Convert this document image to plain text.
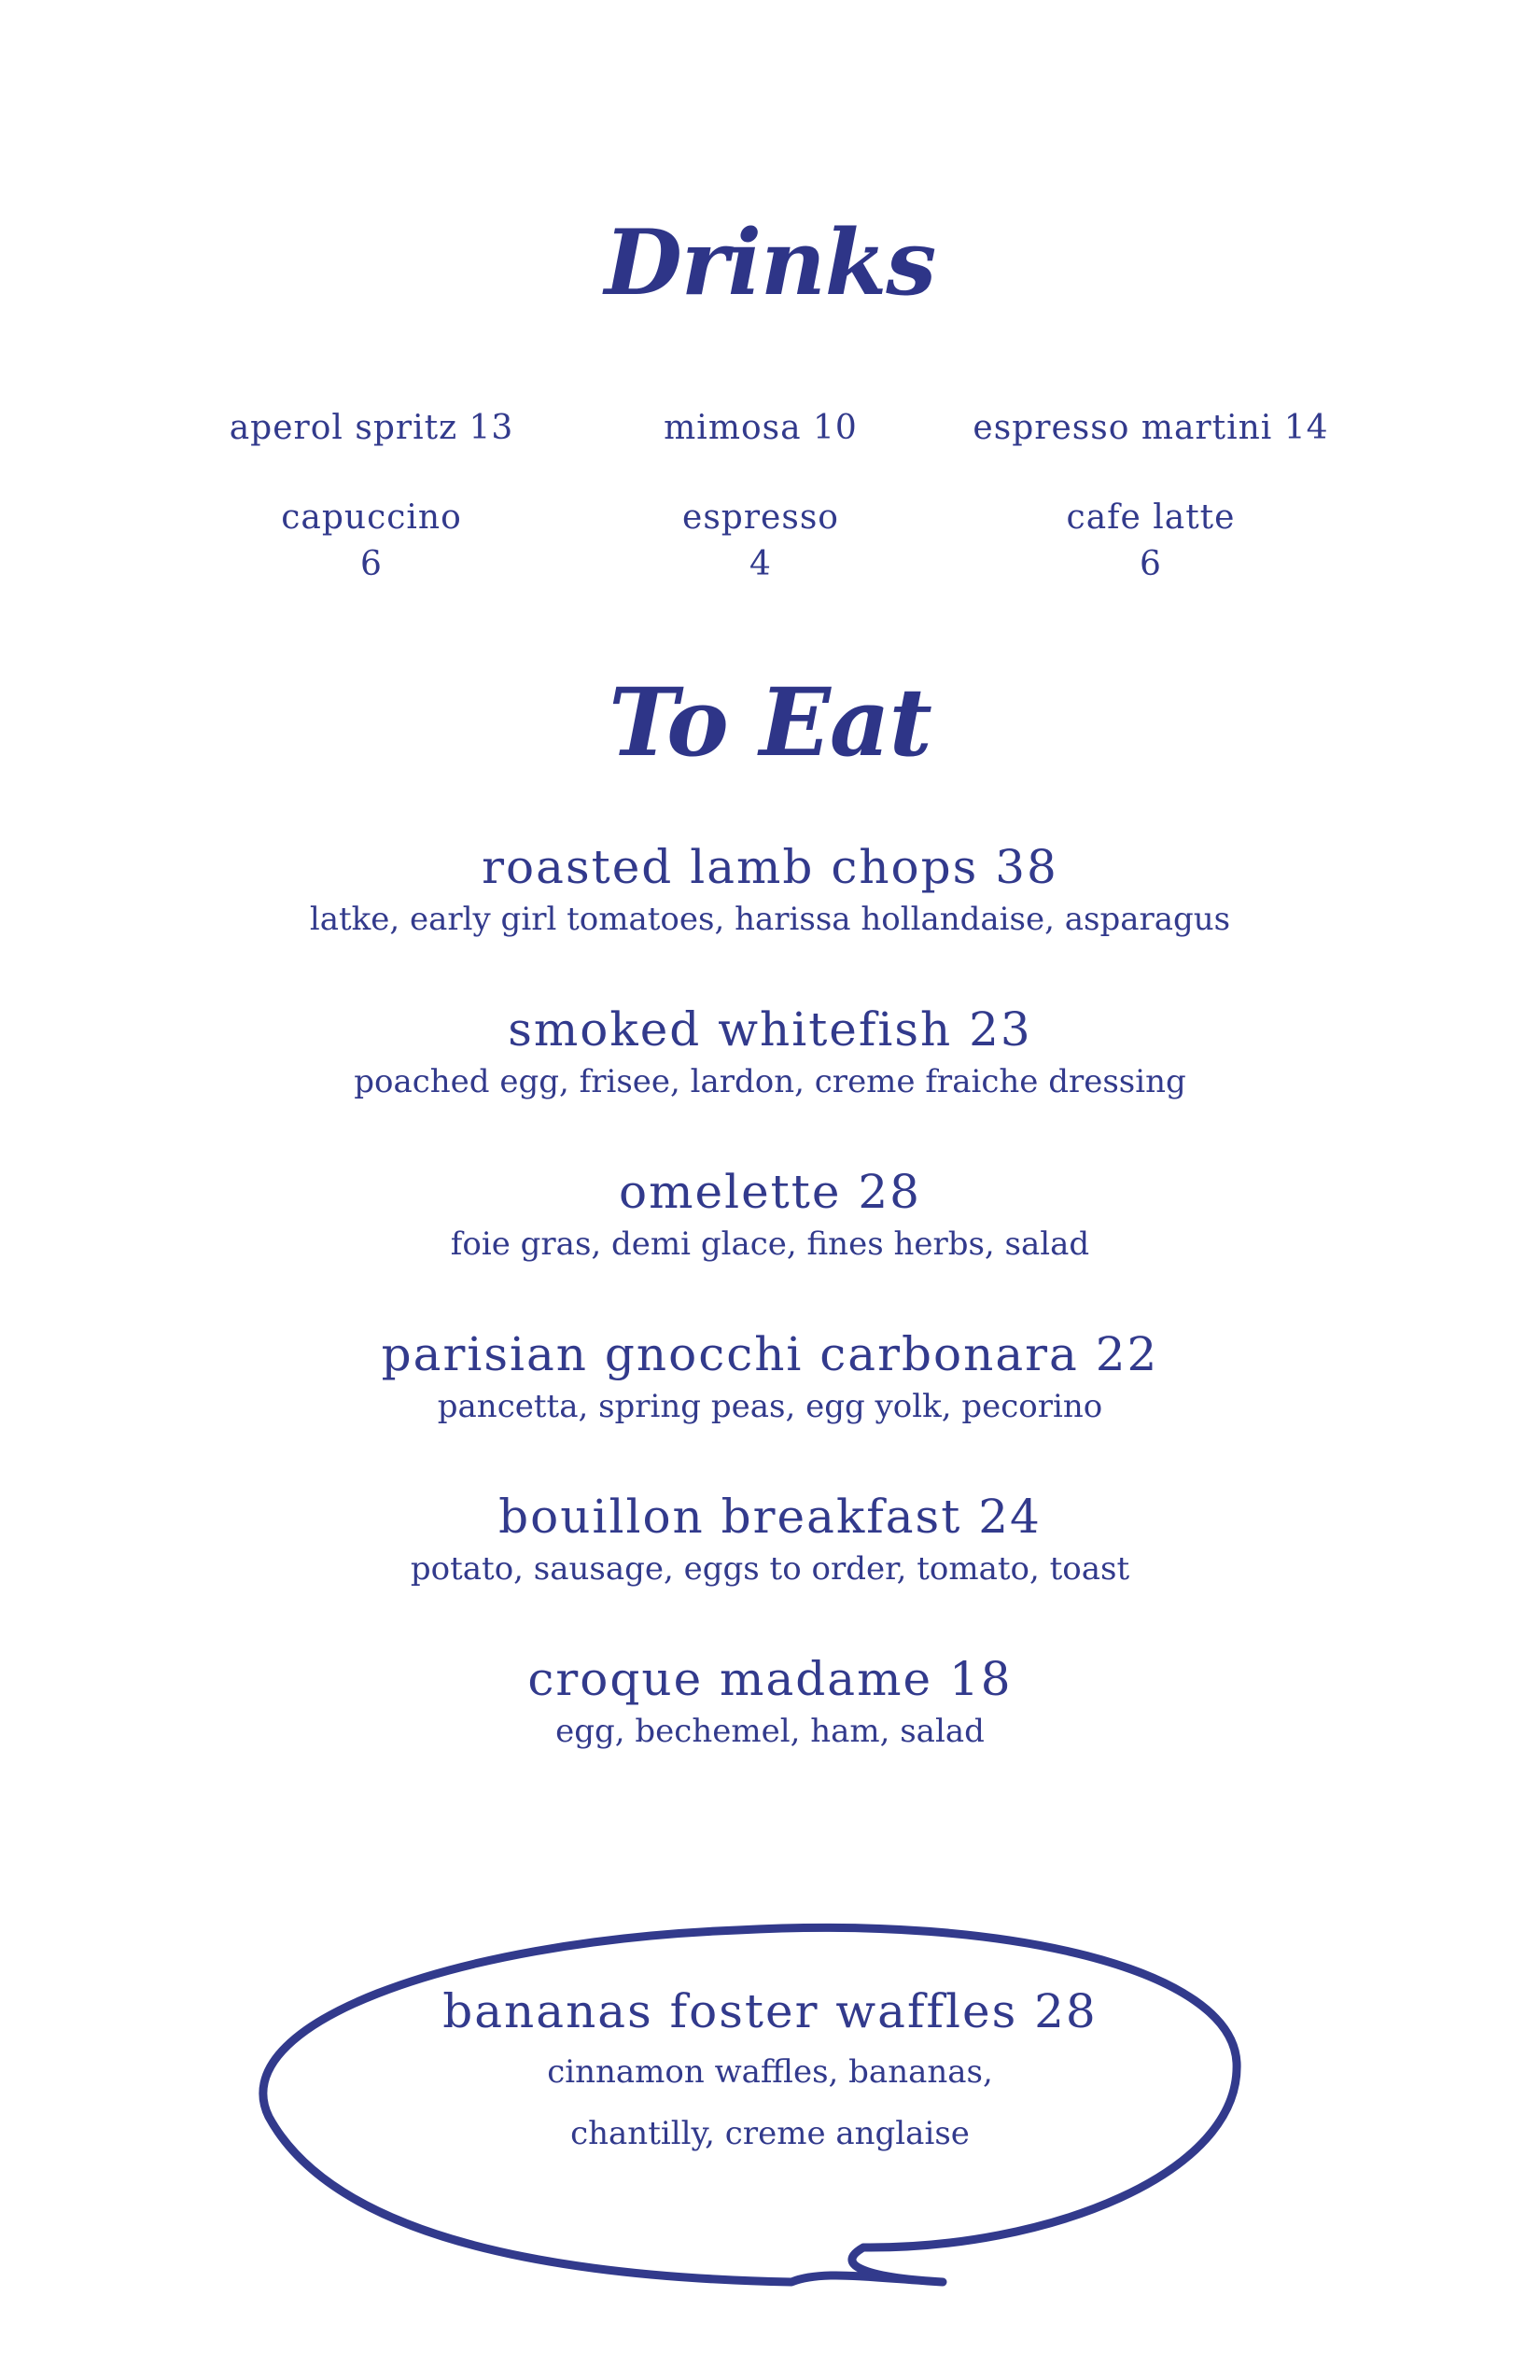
Drinks
aperol spritz 13	mimosa 10	espresso martini 14
capuccino
6
espresso
4
cafe latte
6
To Eat
roasted lamb chops 38
latke, early girl tomatoes, harissa hollandaise, asparagus
smoked whitefish 23
poached egg, frisee, lardon, creme fraiche dressing
omelette 28
foie gras, demi glace, fines herbs, salad
parisian gnocchi carbonara 22
pancetta, spring peas, egg yolk, pecorino
bouillon breakfast 24
potato, sausage, eggs to order, tomato, toast
croque madame 18
egg, bechemel, ham, salad
bananas foster waffles 28
cinnamon waffles, bananas,
chantilly, creme anglaise
